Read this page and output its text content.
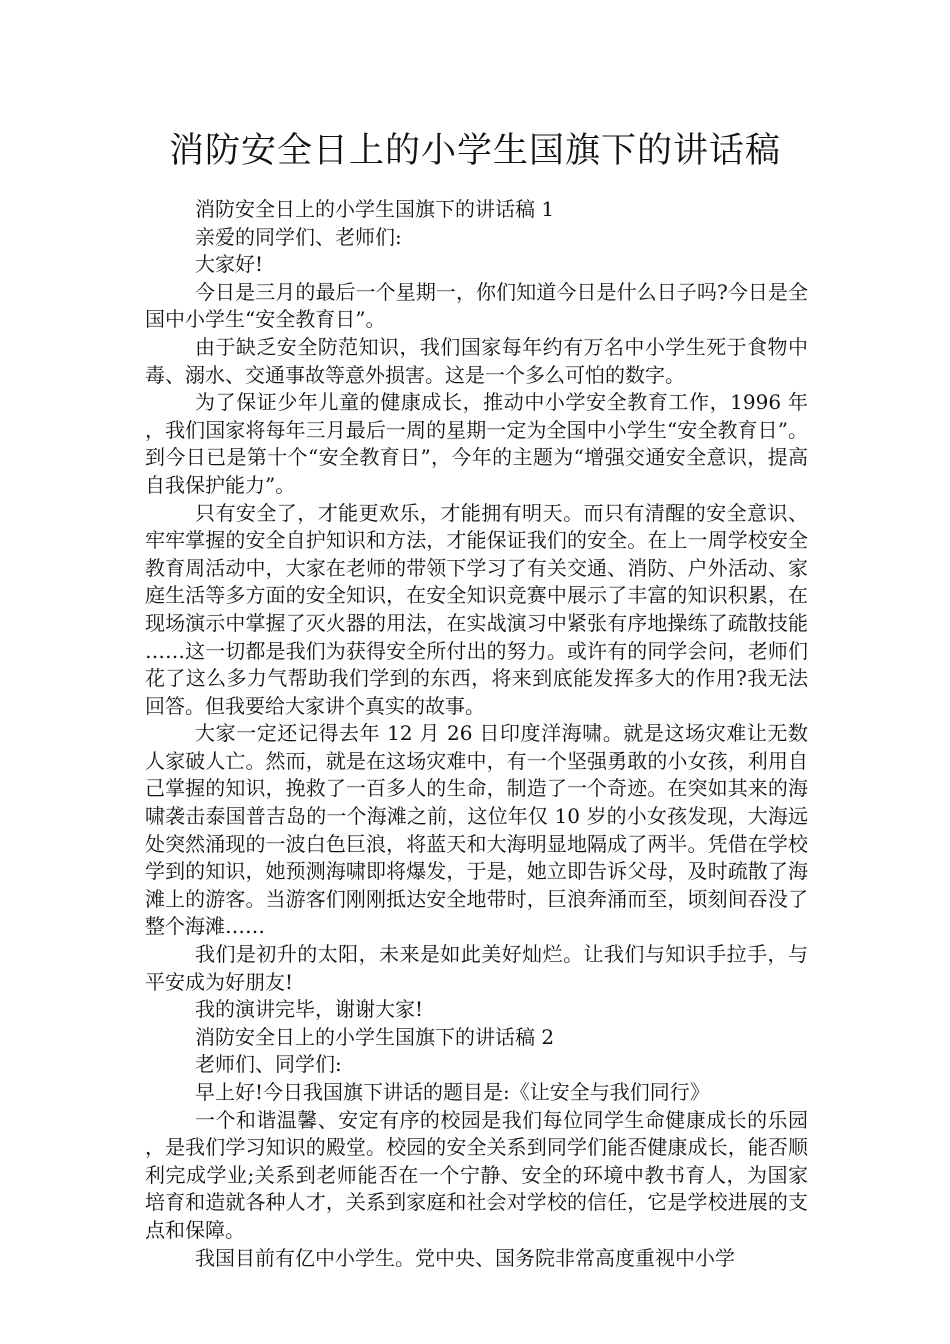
消防安全日上的小学生国旗下的讲话稿

消防安全日上的小学生国旗下的讲话稿 1

亲爱的同学们、老师们:

大家好!

今日是三月的最后一个星期一，你们知道今日是什么日子吗?今日是全国中小学生“安全教育日”。

由于缺乏安全防范知识，我们国家每年约有万名中小学生死于食物中毒、溺水、交通事故等意外损害。这是一个多么可怕的数字。

为了保证少年儿童的健康成长，推动中小学安全教育工作，1996 年，我们国家将每年三月最后一周的星期一定为全国中小学生“安全教育日”。到今日已是第十个“安全教育日”，今年的主题为“增强交通安全意识，提高自我保护能力”。

只有安全了，才能更欢乐，才能拥有明天。而只有清醒的安全意识、牢牢掌握的安全自护知识和方法，才能保证我们的安全。在上一周学校安全教育周活动中，大家在老师的带领下学习了有关交通、消防、户外活动、家庭生活等多方面的安全知识，在安全知识竞赛中展示了丰富的知识积累，在现场演示中掌握了灭火器的用法，在实战演习中紧张有序地操练了疏散技能……这一切都是我们为获得安全所付出的努力。或许有的同学会问，老师们花了这么多力气帮助我们学到的东西，将来到底能发挥多大的作用?我无法回答。但我要给大家讲个真实的故事。

大家一定还记得去年 12 月 26 日印度洋海啸。就是这场灾难让无数人家破人亡。然而，就是在这场灾难中，有一个坚强勇敢的小女孩，利用自己掌握的知识，挽救了一百多人的生命，制造了一个奇迹。在突如其来的海啸袭击泰国普吉岛的一个海滩之前，这位年仅 10 岁的小女孩发现，大海远处突然涌现的一波白色巨浪，将蓝天和大海明显地隔成了两半。凭借在学校学到的知识，她预测海啸即将爆发，于是，她立即告诉父母，及时疏散了海滩上的游客。当游客们刚刚抵达安全地带时，巨浪奔涌而至，顷刻间吞没了整个海滩……

我们是初升的太阳，未来是如此美好灿烂。让我们与知识手拉手，与平安成为好朋友!

我的演讲完毕，谢谢大家!

消防安全日上的小学生国旗下的讲话稿 2

老师们、同学们:

早上好!今日我国旗下讲话的题目是:《让安全与我们同行》

一个和谐温馨、安定有序的校园是我们每位同学生命健康成长的乐园，是我们学习知识的殿堂。校园的安全关系到同学们能否健康成长，能否顺利完成学业;关系到老师能否在一个宁静、安全的环境中教书育人，为国家培育和造就各种人才，关系到家庭和社会对学校的信任，它是学校进展的支点和保障。

我国目前有亿中小学生。党中央、国务院非常高度重视中小学
